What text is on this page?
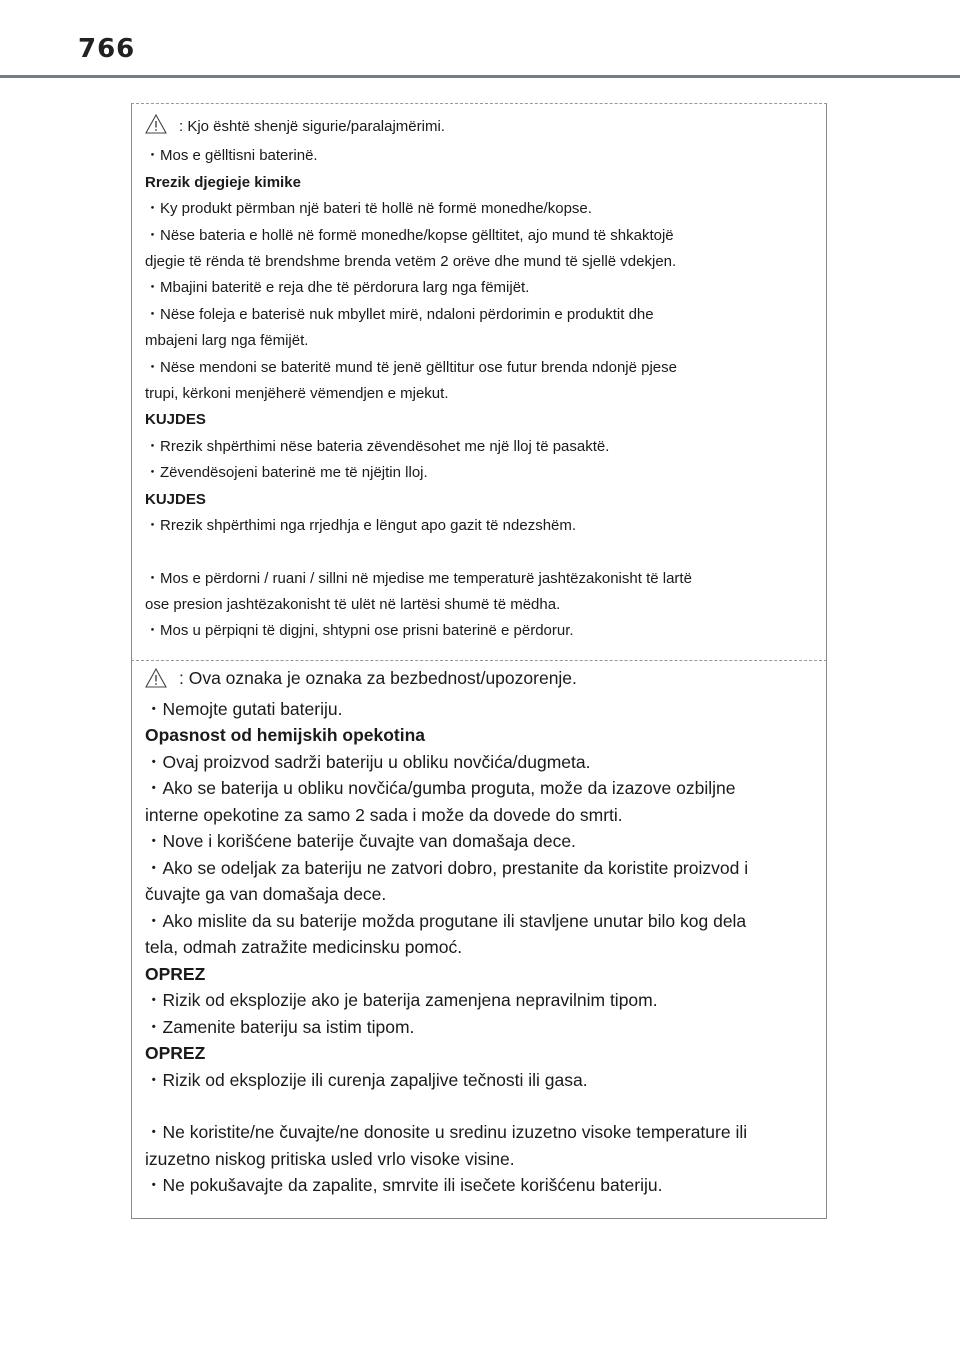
766
: Kjo është shenjë sigurie/paralajmërimi.
・Mos e gëlltisni baterinë.
Rrezik djegieje kimike
・Ky produkt përmban një bateri të hollë në formë monedhe/kopse.
・Nëse bateria e hollë në formë monedhe/kopse gëlltitet, ajo mund të shkaktojë
djegie të rënda të brendshme brenda vetëm 2 orëve dhe mund të sjellë vdekjen.
・Mbajini bateritë e reja dhe të përdorura larg nga fëmijët.
・Nëse foleja e baterisë nuk mbyllet mirë, ndaloni përdorimin e produktit dhe
mbajeni larg nga fëmijët.
・Nëse mendoni se bateritë mund të jenë gëlltitur ose futur brenda ndonjë pjese
trupi, kërkoni menjëherë vëmendjen e mjekut.
KUJDES
・Rrezik shpërthimi nëse bateria zëvendësohet me një lloj të pasaktë.
・Zëvendësojeni baterinë me të njëjtin lloj.
KUJDES
・Rrezik shpërthimi nga rrjedhja e lëngut apo gazit të ndezshëm.
・Mos e përdorni / ruani / sillni në mjedise me temperaturë jashtëzakonisht të lartë
ose presion jashtëzakonisht të ulët në lartësi shumë të mëdha.
・Mos u përpiqni të digjni, shtypni ose prisni baterinë e përdorur.
: Ova oznaka je oznaka za bezbednost/upozorenje.
・Nemojte gutati bateriju.
Opasnost od hemijskih opekotina
・Ovaj proizvod sadrži bateriju u obliku novčića/dugmeta.
・Ako se baterija u obliku novčića/gumba proguta, može da izazove ozbiljne
interne opekotine za samo 2 sada i može da dovede do smrti.
・Nove i korišćene baterije čuvajte van domašaja dece.
・Ako se odeljak za bateriju ne zatvori dobro, prestanite da koristite proizvod i
čuvajte ga van domašaja dece.
・Ako mislite da su baterije možda progutane ili stavljene unutar bilo kog dela
tela, odmah zatražite medicinsku pomoć.
OPREZ
・Rizik od eksplozije ako je baterija zamenjena nepravilnim tipom.
・Zamenite bateriju sa istim tipom.
OPREZ
・Rizik od eksplozije ili curenja zapaljive tečnosti ili gasa.
・Ne koristite/ne čuvajte/ne donosite u sredinu izuzetno visoke temperature ili
izuzetno niskog pritiska usled vrlo visoke visine.
・Ne pokušavajte da zapalite, smrvite ili isečete korišćenu bateriju.
